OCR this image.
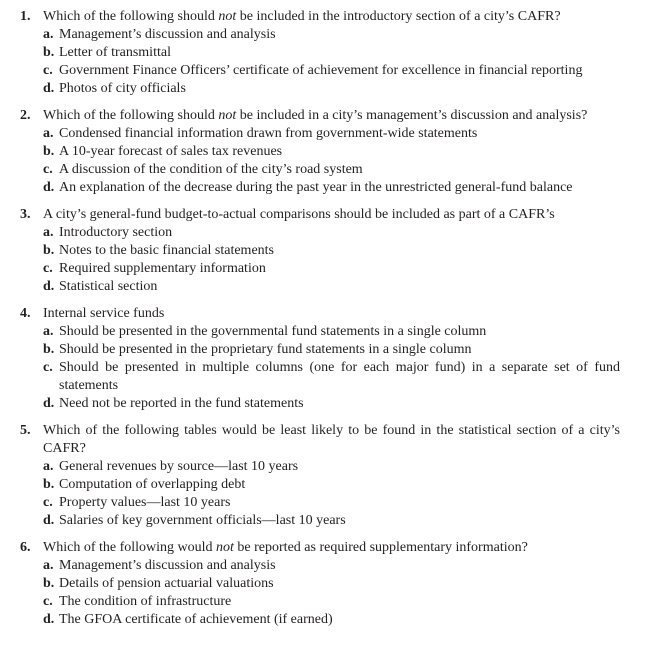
1. Which of the following should not be included in the introductory section of a city’s CAFR?
a. Management’s discussion and analysis
b. Letter of transmittal
c. Government Finance Officers’ certificate of achievement for excellence in financial reporting
d. Photos of city officials
2. Which of the following should not be included in a city’s management’s discussion and analysis?
a. Condensed financial information drawn from government-wide statements
b. A 10-year forecast of sales tax revenues
c. A discussion of the condition of the city’s road system
d. An explanation of the decrease during the past year in the unrestricted general-fund balance
3. A city’s general-fund budget-to-actual comparisons should be included as part of a CAFR’s
a. Introductory section
b. Notes to the basic financial statements
c. Required supplementary information
d. Statistical section
4. Internal service funds
a. Should be presented in the governmental fund statements in a single column
b. Should be presented in the proprietary fund statements in a single column
c. Should be presented in multiple columns (one for each major fund) in a separate set of fund statements
d. Need not be reported in the fund statements
5. Which of the following tables would be least likely to be found in the statistical section of a city’s CAFR?
a. General revenues by source—last 10 years
b. Computation of overlapping debt
c. Property values—last 10 years
d. Salaries of key government officials—last 10 years
6. Which of the following would not be reported as required supplementary information?
a. Management’s discussion and analysis
b. Details of pension actuarial valuations
c. The condition of infrastructure
d. The GFOA certificate of achievement (if earned)
